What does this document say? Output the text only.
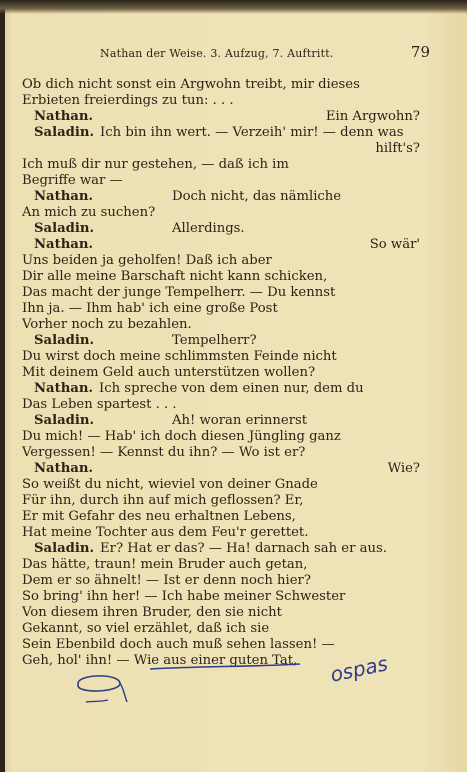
Nathan der Weise. 3. Aufzug, 7. Auftritt.	79
Ob dich nicht sonst ein Argwohn treibt, mir dieses
Erbieten freierdings zu tun: . . .
Nathan.	Ein Argwohn?
Saladin. Ich bin ihn wert. — Verzeih' mir! — denn was
hilft's?
Ich muß dir nur gestehen, — daß ich im
Begriffe war —
Nathan.	Doch nicht, das nämliche
An mich zu suchen?
Saladin.	Allerdings.
Nathan.	So wär'
Uns beiden ja geholfen! Daß ich aber
Dir alle meine Barschaft nicht kann schicken,
Das macht der junge Tempelherr. — Du kennst
Ihn ja. — Ihm hab' ich eine große Post
Vorher noch zu bezahlen.
Saladin.	Tempelherr?
Du wirst doch meine schlimmsten Feinde nicht
Mit deinem Geld auch unterstützen wollen?
Nathan. Ich spreche von dem einen nur, dem du
Das Leben spartest . . .
Saladin.	Ah! woran erinnerst
Du mich! — Hab' ich doch diesen Jüngling ganz
Vergessen! — Kennst du ihn? — Wo ist er?
Nathan.	Wie?
So weißt du nicht, wieviel von deiner Gnade
Für ihn, durch ihn auf mich geflossen? Er,
Er mit Gefahr des neu erhaltnen Lebens,
Hat meine Tochter aus dem Feu'r gerettet.
Saladin. Er? Hat er das? — Ha! darnach sah er aus.
Das hätte, traun! mein Bruder auch getan,
Dem er so ähnelt! — Ist er denn noch hier?
So bring' ihn her! — Ich habe meiner Schwester
Von diesem ihren Bruder, den sie nicht
Gekannt, so viel erzählet, daß ich sie
Sein Ebenbild doch auch muß sehen lassen! —
Geh, hol' ihn! — Wie aus einer guten Tat, ospas
